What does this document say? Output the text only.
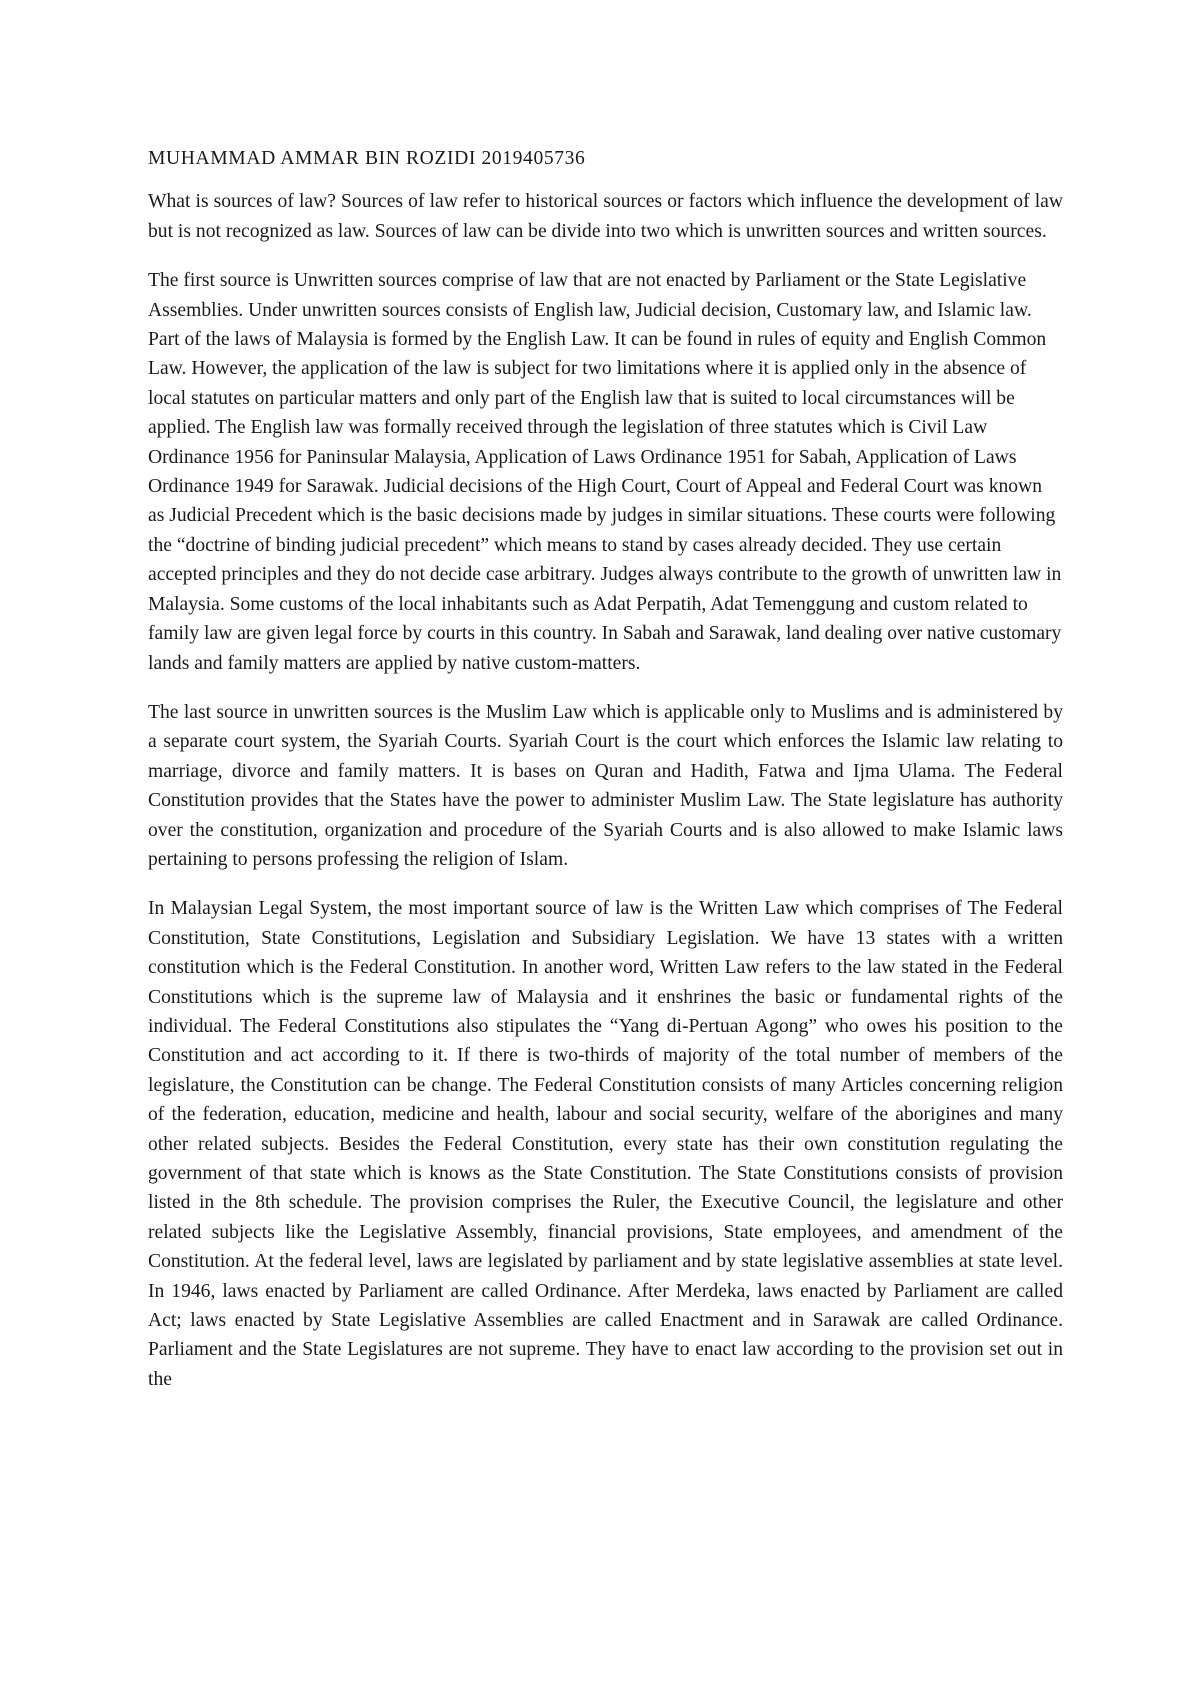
MUHAMMAD AMMAR BIN ROZIDI 2019405736

What is sources of law? Sources of law refer to historical sources or factors which influence the development of law but is not recognized as law. Sources of law can be divide into two which is unwritten sources and written sources.

The first source is Unwritten sources comprise of law that are not enacted by Parliament or the State Legislative Assemblies. Under unwritten sources consists of English law, Judicial decision, Customary law, and Islamic law. Part of the laws of Malaysia is formed by the English Law. It can be found in rules of equity and English Common Law. However, the application of the law is subject for two limitations where it is applied only in the absence of local statutes on particular matters and only part of the English law that is suited to local circumstances will be applied. The English law was formally received through the legislation of three statutes which is Civil Law Ordinance 1956 for Paninsular Malaysia, Application of Laws Ordinance 1951 for Sabah, Application of Laws Ordinance 1949 for Sarawak. Judicial decisions of the High Court, Court of Appeal and Federal Court was known as Judicial Precedent which is the basic decisions made by judges in similar situations. These courts were following the “doctrine of binding judicial precedent” which means to stand by cases already decided. They use certain accepted principles and they do not decide case arbitrary. Judges always contribute to the growth of unwritten law in Malaysia. Some customs of the local inhabitants such as Adat Perpatih, Adat Temenggung and custom related to family law are given legal force by courts in this country. In Sabah and Sarawak, land dealing over native customary lands and family matters are applied by native custom-matters.

The last source in unwritten sources is the Muslim Law which is applicable only to Muslims and is administered by a separate court system, the Syariah Courts. Syariah Court is the court which enforces the Islamic law relating to marriage, divorce and family matters. It is bases on Quran and Hadith, Fatwa and Ijma Ulama. The Federal Constitution provides that the States have the power to administer Muslim Law. The State legislature has authority over the constitution, organization and procedure of the Syariah Courts and is also allowed to make Islamic laws pertaining to persons professing the religion of Islam.

In Malaysian Legal System, the most important source of law is the Written Law which comprises of The Federal Constitution, State Constitutions, Legislation and Subsidiary Legislation. We have 13 states with a written constitution which is the Federal Constitution. In another word, Written Law refers to the law stated in the Federal Constitutions which is the supreme law of Malaysia and it enshrines the basic or fundamental rights of the individual. The Federal Constitutions also stipulates the “Yang di-Pertuan Agong” who owes his position to the Constitution and act according to it. If there is two-thirds of majority of the total number of members of the legislature, the Constitution can be change. The Federal Constitution consists of many Articles concerning religion of the federation, education, medicine and health, labour and social security, welfare of the aborigines and many other related subjects. Besides the Federal Constitution, every state has their own constitution regulating the government of that state which is knows as the State Constitution. The State Constitutions consists of provision listed in the 8th schedule. The provision comprises the Ruler, the Executive Council, the legislature and other related subjects like the Legislative Assembly, financial provisions, State employees, and amendment of the Constitution. At the federal level, laws are legislated by parliament and by state legislative assemblies at state level. In 1946, laws enacted by Parliament are called Ordinance. After Merdeka, laws enacted by Parliament are called Act; laws enacted by State Legislative Assemblies are called Enactment and in Sarawak are called Ordinance. Parliament and the State Legislatures are not supreme. They have to enact law according to the provision set out in the
